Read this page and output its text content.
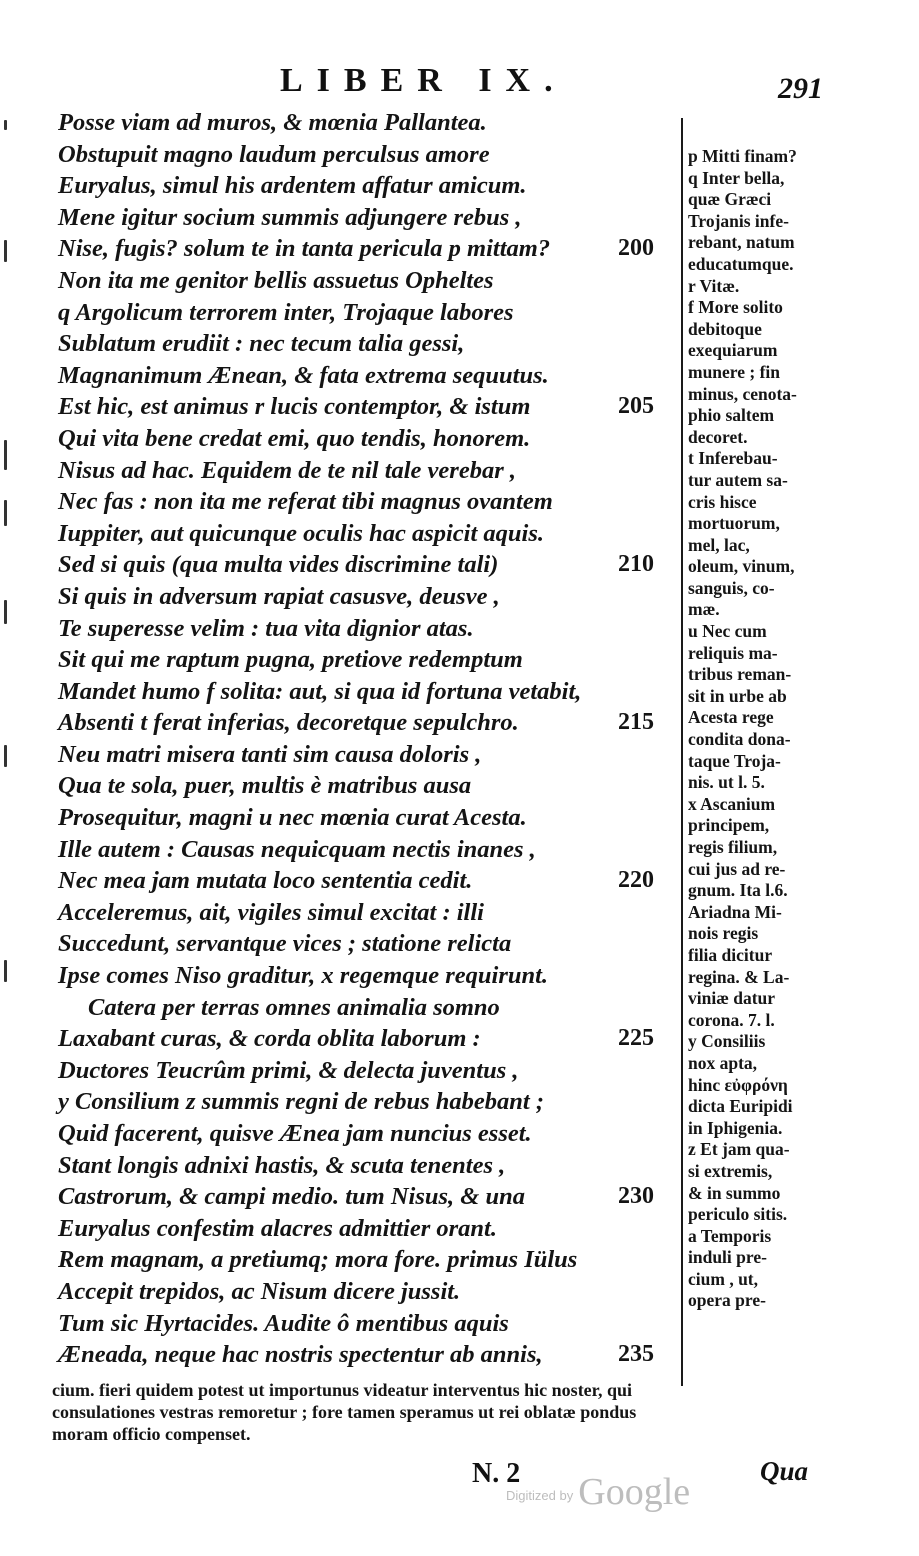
LIBER IX.	291
Posse viam ad muros, & mœnia Pallantea.
Obstupuit magno laudum perculsus amore
Euryalus, simul his ardentem affatur amicum.
Mene igitur socium summis adjungere rebus ,
Nise, fugis? solum te in tanta pericula p mittam?	200
Non ita me genitor bellis assuetus Opheltes
q Argolicum terrorem inter, Trojaque labores
Sublatum erudiit : nec tecum talia gessi,
Magnanimum Ænean, & fata extrema sequutus.
Est hic, est animus r lucis contemptor, & istum	205
Qui vita bene credat emi, quo tendis, honorem.
Nisus ad hac. Equidem de te nil tale verebar ,
Nec fas : non ita me referat tibi magnus ovantem
Iuppiter, aut quicunque oculis hac aspicit aquis.
Sed si quis (qua multa vides discrimine tali)	210
Si quis in adversum rapiat casusve, deusve ,
Te superesse velim : tua vita dignior atas.
Sit qui me raptum pugna, pretiove redemptum
Mandet humo f solita: aut, si qua id fortuna vetabit,
Absenti t ferat inferias, decoretque sepulchro.	215
Neu matri misera tanti sim causa doloris ,
Qua te sola, puer, multis è matribus ausa
Prosequitur, magni u nec mœnia curat Acesta.
Ille autem : Causas nequicquam nectis inanes ,
Nec mea jam mutata loco sententia cedit.	220
Acceleremus, ait, vigiles simul excitat : illi
Succedunt, servantque vices ; statione relicta
Ipse comes Niso graditur, x regemque requirunt.
Catera per terras omnes animalia somno
Laxabant curas, & corda oblita laborum :	225
Ductores Teucrûm primi, & delecta juventus ,
y Consilium z summis regni de rebus habebant ;
Quid facerent, quisve Ænea jam nuncius esset.
Stant longis adnixi hastis, & scuta tenentes ,
Castrorum, & campi medio. tum Nisus, & una	230
Euryalus confestim alacres admittier orant.
Rem magnam, a pretiumq; mora fore. primus Iülus
Accepit trepidos, ac Nisum dicere jussit.
Tum sic Hyrtacides. Audite ô mentibus aquis
Æneada, neque hac nostris spectentur ab annis,	235
p Mitti finam?
q Inter bella,
quæ Græci
Trojanis infe-
rebant, natum
educatumque.
r Vitæ.
f More solito
debitoque
exequiarum
munere ; fin
minus, cenota-
phio saltem
decoret.
t Inferebau-
tur autem sa-
cris hisce
mortuorum,
mel, lac,
oleum, vinum,
sanguis, co-
mæ.
u Nec cum
reliquis ma-
tribus reman-
sit in urbe ab
Acesta rege
condita dona-
taque Troja-
nis. ut l. 5.
x Ascanium
principem,
regis filium,
cui jus ad re-
gnum. Ita l.6.
Ariadna Mi-
nois regis
filia dicitur
regina. & La-
viniæ datur
corona. 7. l.
y Consiliis
nox apta,
hinc εὐφρόνη
dicta Euripidi
in Iphigenia.
z Et jam qua-
si extremis,
& in summo
periculo sitis.
a Temporis
induli pre-
cium , ut,
opera pre-
cium. fieri quidem potest ut importunus videatur interventus hic noster, qui
consulationes vestras remoretur ; fore tamen speramus ut rei oblatæ pondus
moram officio compenset.
N. 2
$^{Digitized by}$ Google	Qua
